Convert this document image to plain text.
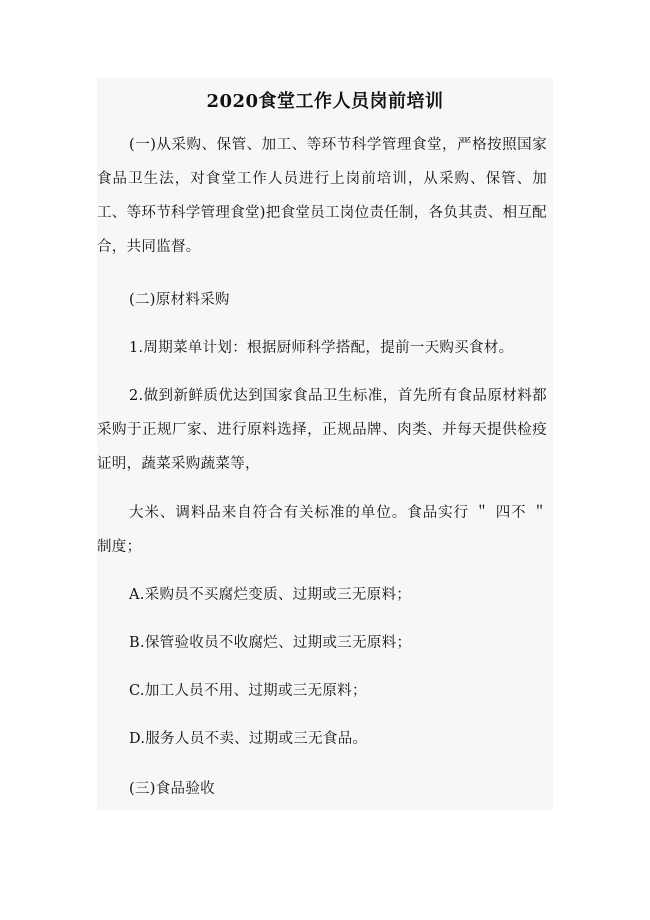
2020食堂工作人员岗前培训

(一)从采购、保管、加工、等环节科学管理食堂，严格按照国家食品卫生法，对食堂工作人员进行上岗前培训，从采购、保管、加工、等环节科学管理食堂)把食堂员工岗位责任制，各负其责、相互配合，共同监督。

(二)原材料采购

1.周期菜单计划：根据厨师科学搭配，提前一天购买食材。

2.做到新鲜质优达到国家食品卫生标准，首先所有食品原材料都采购于正规厂家、进行原料选择，正规品牌、肉类、并每天提供检疫证明，蔬菜采购蔬菜等，

大米、调料品来自符合有关标准的单位。食品实行 ＂ 四不 ＂ 制度；

A.采购员不买腐烂变质、过期或三无原料；

B.保管验收员不收腐烂、过期或三无原料；

C.加工人员不用、过期或三无原料；

D.服务人员不卖、过期或三无食品。

(三)食品验收
